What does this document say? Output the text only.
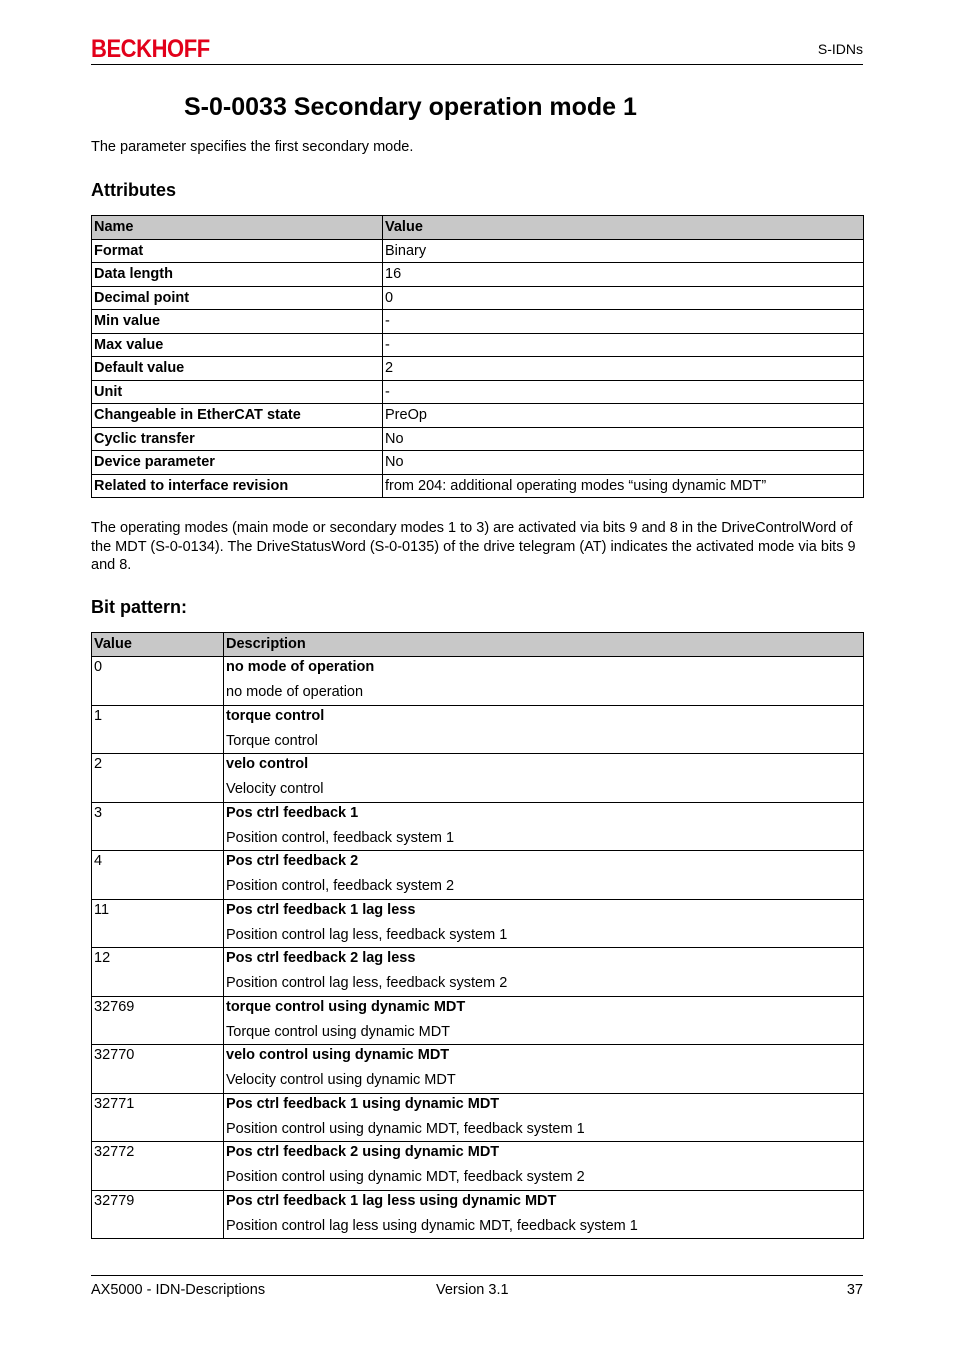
BECKHOFF	S-IDNs
S-0-0033 Secondary operation mode 1

The parameter specifies the first secondary mode.

Attributes
Name	Value
Format	Binary
Data length	16
Decimal point	0
Min value	-
Max value	-
Default value	2
Unit	-
Changeable in EtherCAT state	PreOp
Cyclic transfer	No
Device parameter	No
Related to interface revision	from 204: additional operating modes “using dynamic MDT”

The operating modes (main mode or secondary modes 1 to 3) are activated via bits 9 and 8 in the DriveControlWord of the MDT (S-0-0134). The DriveStatusWord (S-0-0135) of the drive telegram (AT) indicates the activated mode via bits 9 and 8.

Bit pattern:
Value	Description
0	no mode of operation
no mode of operation

1	torque control
Torque control

2	velo control
Velocity control

3	Pos ctrl feedback 1
Position control, feedback system 1

4	Pos ctrl feedback 2
Position control, feedback system 2

11	Pos ctrl feedback 1 lag less
Position control lag less, feedback system 1

12	Pos ctrl feedback 2 lag less
Position control lag less, feedback system 2

32769	torque control using dynamic MDT
Torque control using dynamic MDT

32770	velo control using dynamic MDT
Velocity control using dynamic MDT

32771	Pos ctrl feedback 1 using dynamic MDT
Position control using dynamic MDT, feedback system 1

32772	Pos ctrl feedback 2 using dynamic MDT
Position control using dynamic MDT, feedback system 2

32779	Pos ctrl feedback 1 lag less using dynamic MDT
Position control lag less using dynamic MDT, feedback system 1
AX5000 - IDN-Descriptions	Version 3.1	37
